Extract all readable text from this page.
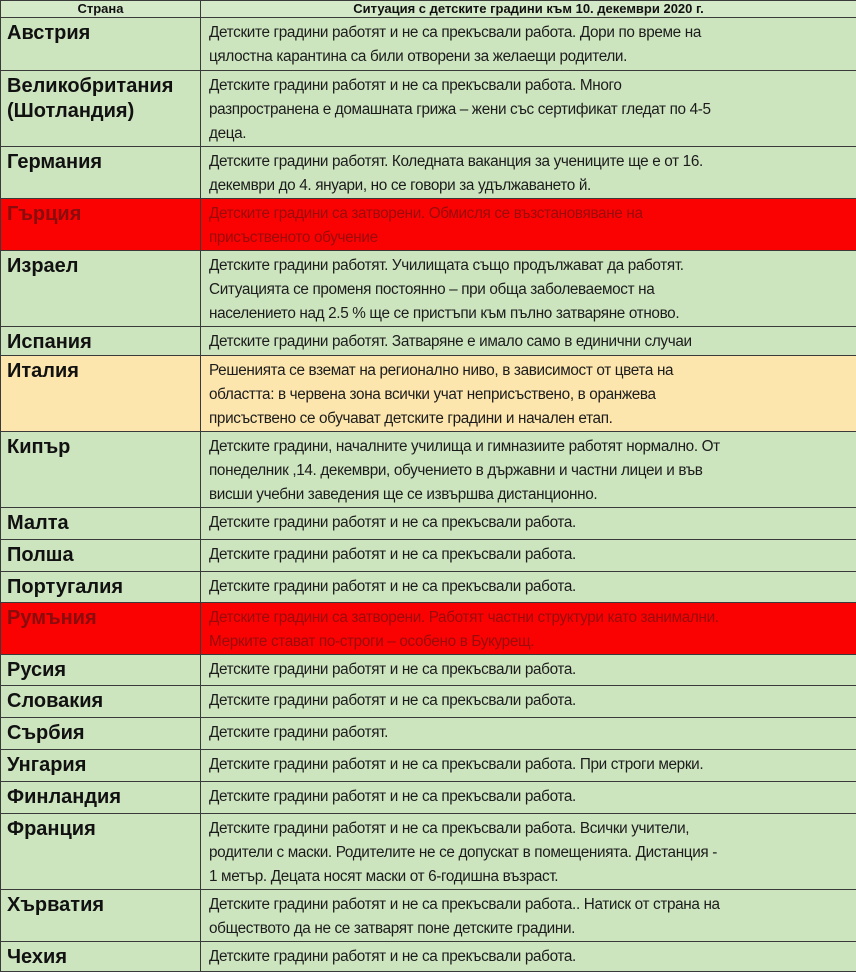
Страна	Ситуация с детските градини към 10. декември 2020 г.

Австрия	Детските градини работят и не са прекъсвали работа. Дори по време на
цялостна карантина са били отворени за желаещи родители.

Великобритания
(Шотландия)	Детските градини работят и не са прекъсвали работа. Много
разпространена е домашната грижа – жени със сертификат гледат по 4-5
деца.

Германия	Детските градини работят. Коледната ваканция за учениците ще е от 16.
декември до 4. януари, но се говори за удължаването й.

Гърция	Детските градини са затворени. Обмисля се възстановяване на
присъственото обучение

Израел	Детските градини работят. Училищата също продължават да работят.
Ситуацията се променя постоянно – при обща заболеваемост на
населението над 2.5 % ще се пристъпи към пълно затваряне отново.

Испания	Детските градини работят. Затваряне е имало само в единични случаи

Италия	Решенията се вземат на регионално ниво, в зависимост от цвета на
областта: в червена зона всички учат неприсъствено, в оранжева
присъствено се обучават детските градини и начален етап.

Кипър	Детските градини, началните училища и гимназиите работят нормално. От
понеделник ,14. декември, обучението в държавни и частни лицеи и във
висши учебни заведения ще се извършва дистанционно.

Малта	Детските градини работят и не са прекъсвали работа.

Полша	Детските градини работят и не са прекъсвали работа.

Португалия	Детските градини работят и не са прекъсвали работа.

Румъния	Детските градини са затворени. Работят частни структури като занимални.
Мерките стават по-строги – особено в Букурещ.

Русия	Детските градини работят и не са прекъсвали работа.

Словакия	Детските градини работят и не са прекъсвали работа.

Сърбия	Детските градини работят.

Унгария	Детските градини работят и не са прекъсвали работа. При строги мерки.

Финландия	Детските градини работят и не са прекъсвали работа.

Франция	Детските градини работят и не са прекъсвали работа. Всички учители,
родители с маски. Родителите не се допускат в помещенията. Дистанция -
1 метър. Децата носят маски от 6-годишна възраст.

Хърватия	Детските градини работят и не са прекъсвали работа.. Натиск от страна на
обществото да не се затварят поне детските градини.

Чехия	Детските градини работят и не са прекъсвали работа.
